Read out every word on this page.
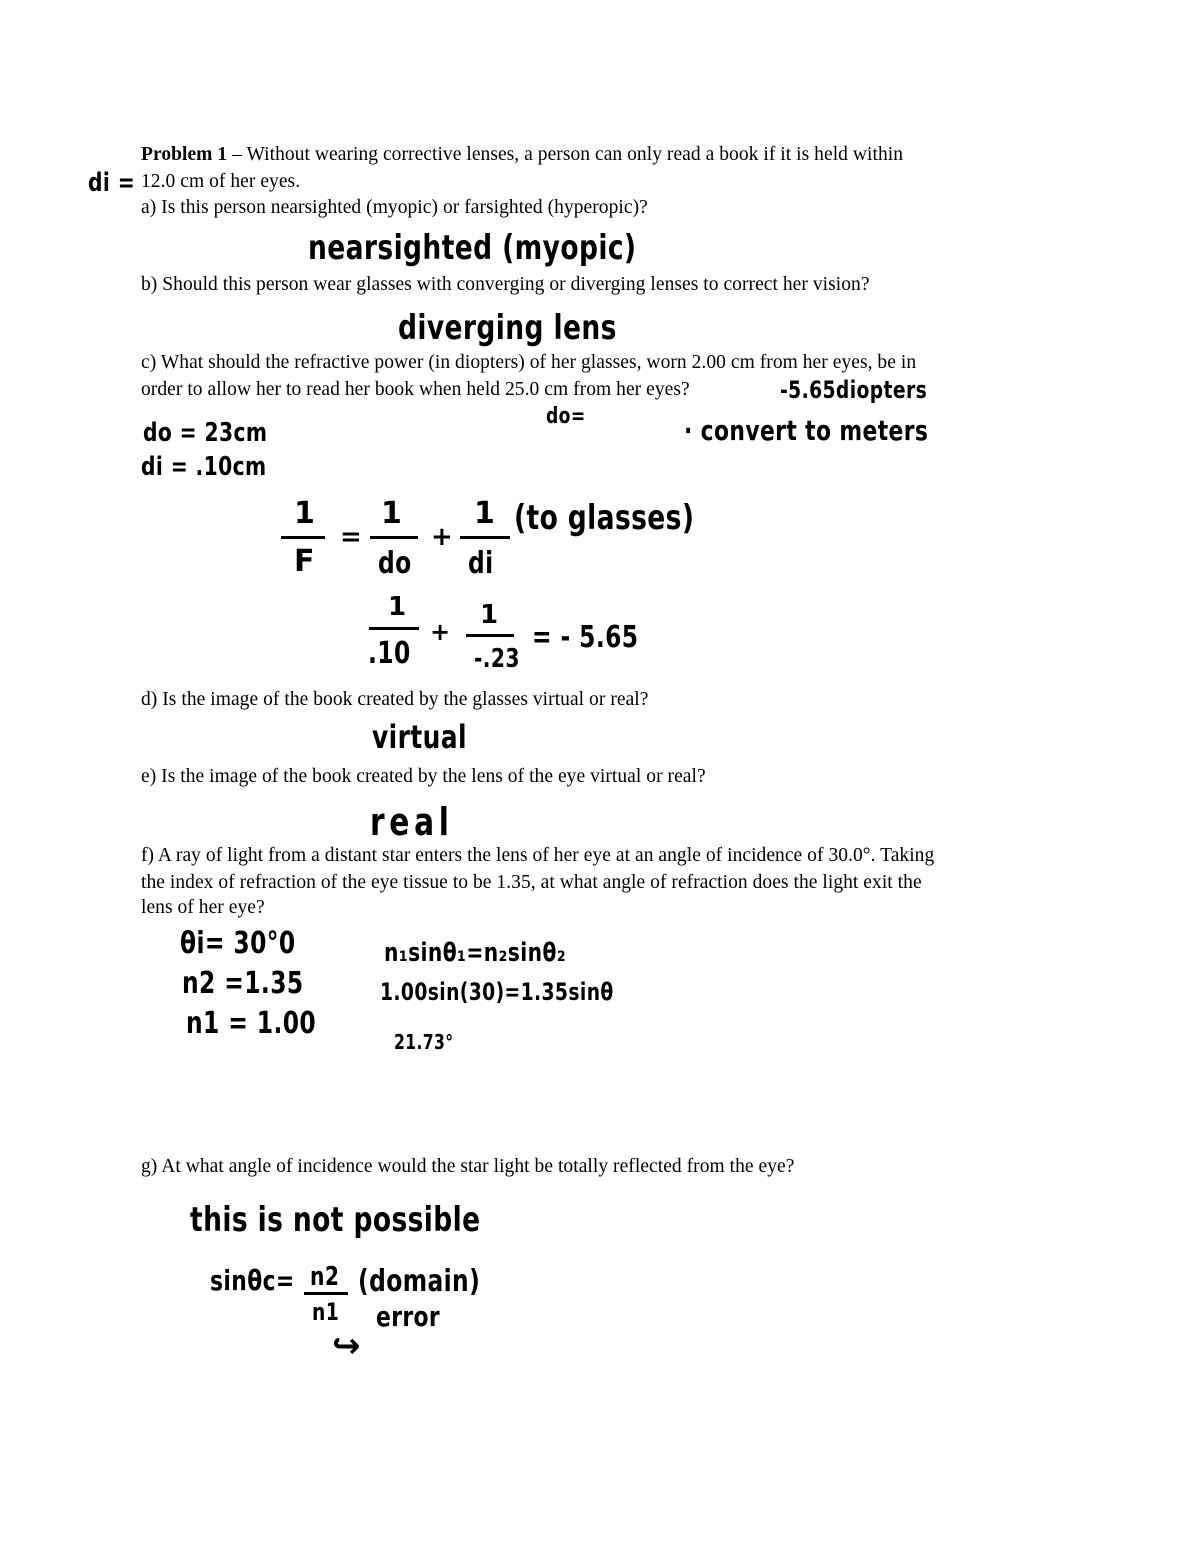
Problem 1 – Without wearing corrective lenses, a person can only read a book if it is held within
12.0 cm of her eyes.
a) Is this person nearsighted (myopic) or farsighted (hyperopic)?
b) Should this person wear glasses with converging or diverging lenses to correct her vision?
c) What should the refractive power (in diopters) of her glasses, worn 2.00 cm from her eyes, be in
order to allow her to read her book when held 25.0 cm from her eyes?
d) Is the image of the book created by the glasses virtual or real?
e) Is the image of the book created by the lens of the eye virtual or real?
f) A ray of light from a distant star enters the lens of her eye at an angle of incidence of 30.0°. Taking
the index of refraction of the eye tissue to be 1.35, at what angle of refraction does the light exit the
lens of her eye?
g) At what angle of incidence would the star light be totally reflected from the eye?
di =
nearsighted (myopic)
diverging lens
-5.65diopters
do=	· convert to meters
do = 23cm
di = .10cm
1
F
=
1
do
+
1
di
(to glasses)
1
.10
+
1
-.23
= - 5.65
virtual
real
θi= 30°0
n2 =1.35
n1 = 1.00
n₁sinθ₁=n₂sinθ₂
1.00sin(30)=1.35sinθ
21.73°
this is not possible
sinθc= n2
n1
(domain)
error
↪
